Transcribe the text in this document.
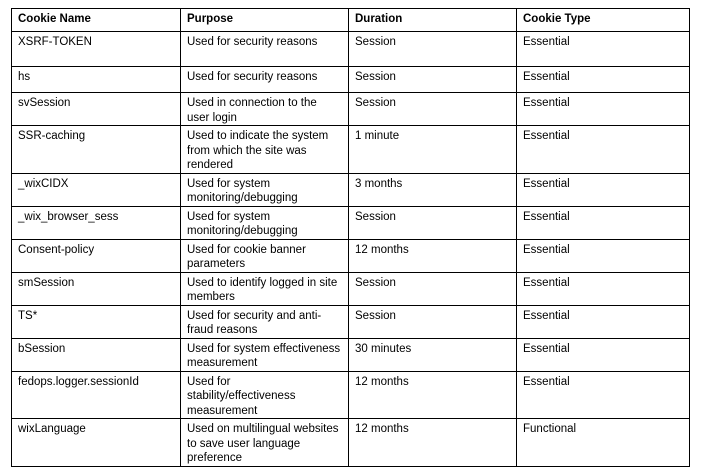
Cookie Name	Purpose	Duration	Cookie Type
XSRF-TOKEN	Used for security reasons	Session	Essential
hs	Used for security reasons	Session	Essential
svSession	Used in connection to the user login	Session	Essential
SSR-caching	Used to indicate the system from which the site was rendered	1 minute	Essential
_wixCIDX	Used for system monitoring/debugging	3 months	Essential
_wix_browser_sess	Used for system monitoring/debugging	Session	Essential
Consent-policy	Used for cookie banner parameters	12 months	Essential
smSession	Used to identify logged in site members	Session	Essential
TS*	Used for security and anti-fraud reasons	Session	Essential
bSession	Used for system effectiveness measurement	30 minutes	Essential
fedops.logger.sessionId	Used for stability/effectiveness measurement	12 months	Essential
wixLanguage	Used on multilingual websites to save user language preference	12 months	Functional
